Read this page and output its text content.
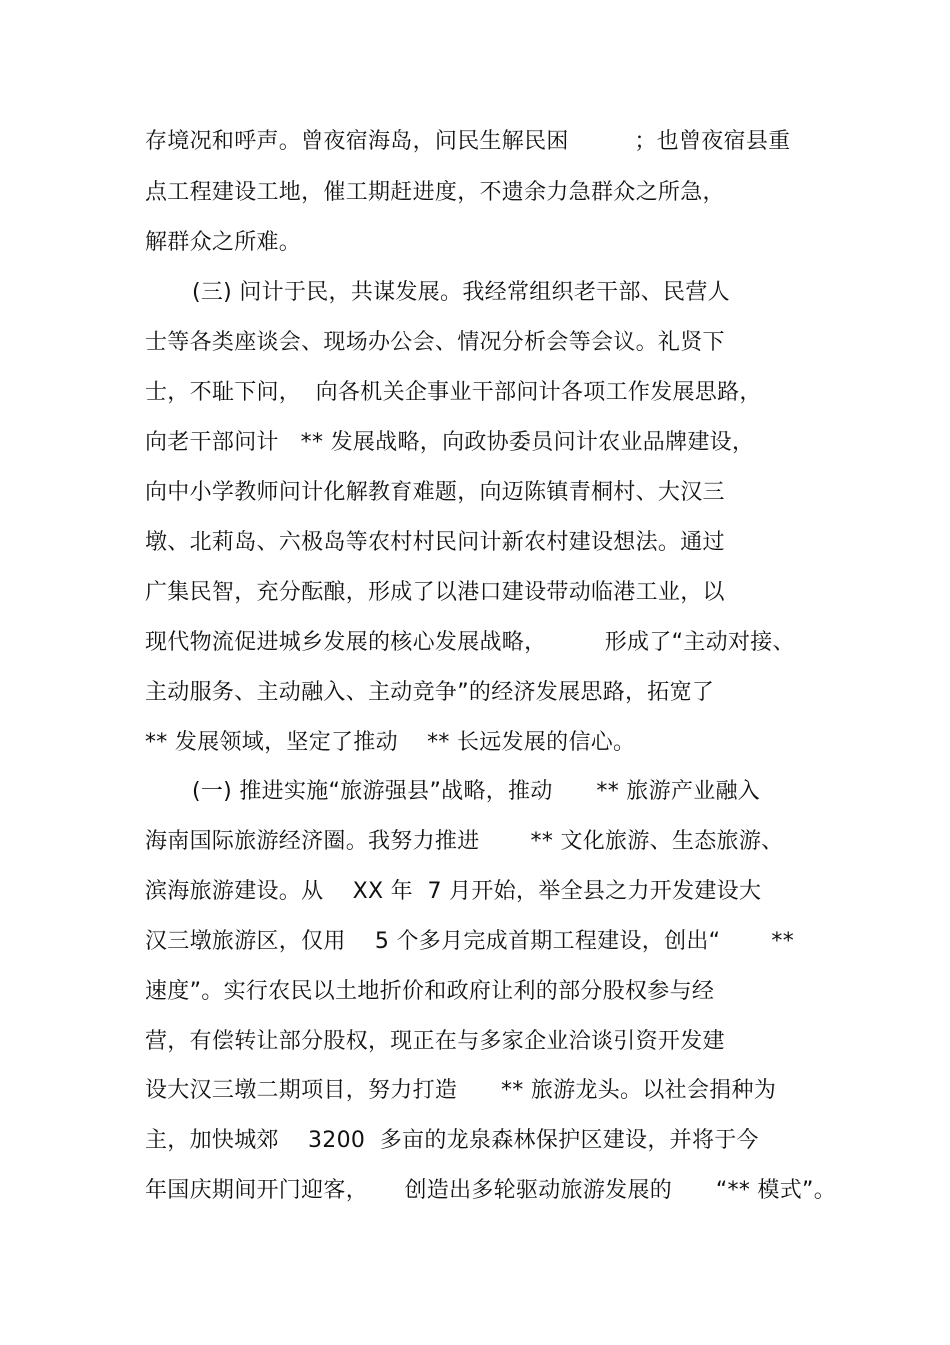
存境况和呼声。曾夜宿海岛，问民生解民困         ；也曾夜宿县重
点工程建设工地，催工期赶进度，不遗余力急群众之所急，
解群众之所难。
(三) 问计于民，共谋发展。我经常组织老干部、民营人
士等各类座谈会、现场办公会、情况分析会等会议。礼贤下
士，不耻下问，  向各机关企事业干部问计各项工作发展思路，
向老干部问计   ** 发展战略，向政协委员问计农业品牌建设，
向中小学教师问计化解教育难题，向迈陈镇青桐村、大汉三
墩、北莉岛、六极岛等农村村民问计新农村建设想法。通过
广集民智，充分酝酿，形成了以港口建设带动临港工业，以
现代物流促进城乡发展的核心发展战略，        形成了“主动对接、
主动服务、主动融入、主动竞争”的经济发展思路，拓宽了
** 发展领域，坚定了推动    ** 长远发展的信心。
(一) 推进实施“旅游强县”战略，推动      ** 旅游产业融入
海南国际旅游经济圈。我努力推进       ** 文化旅游、生态旅游、
滨海旅游建设。从    XX 年  7 月开始，举全县之力开发建设大
汉三墩旅游区，仅用    5 个多月完成首期工程建设，创出“       **
速度”。实行农民以土地折价和政府让利的部分股权参与经
营，有偿转让部分股权，现正在与多家企业洽谈引资开发建
设大汉三墩二期项目，努力打造      ** 旅游龙头。以社会捐种为
主，加快城郊    3200  多亩的龙泉森林保护区建设，并将于今
年国庆期间开门迎客，     创造出多轮驱动旅游发展的      “** 模式”。
